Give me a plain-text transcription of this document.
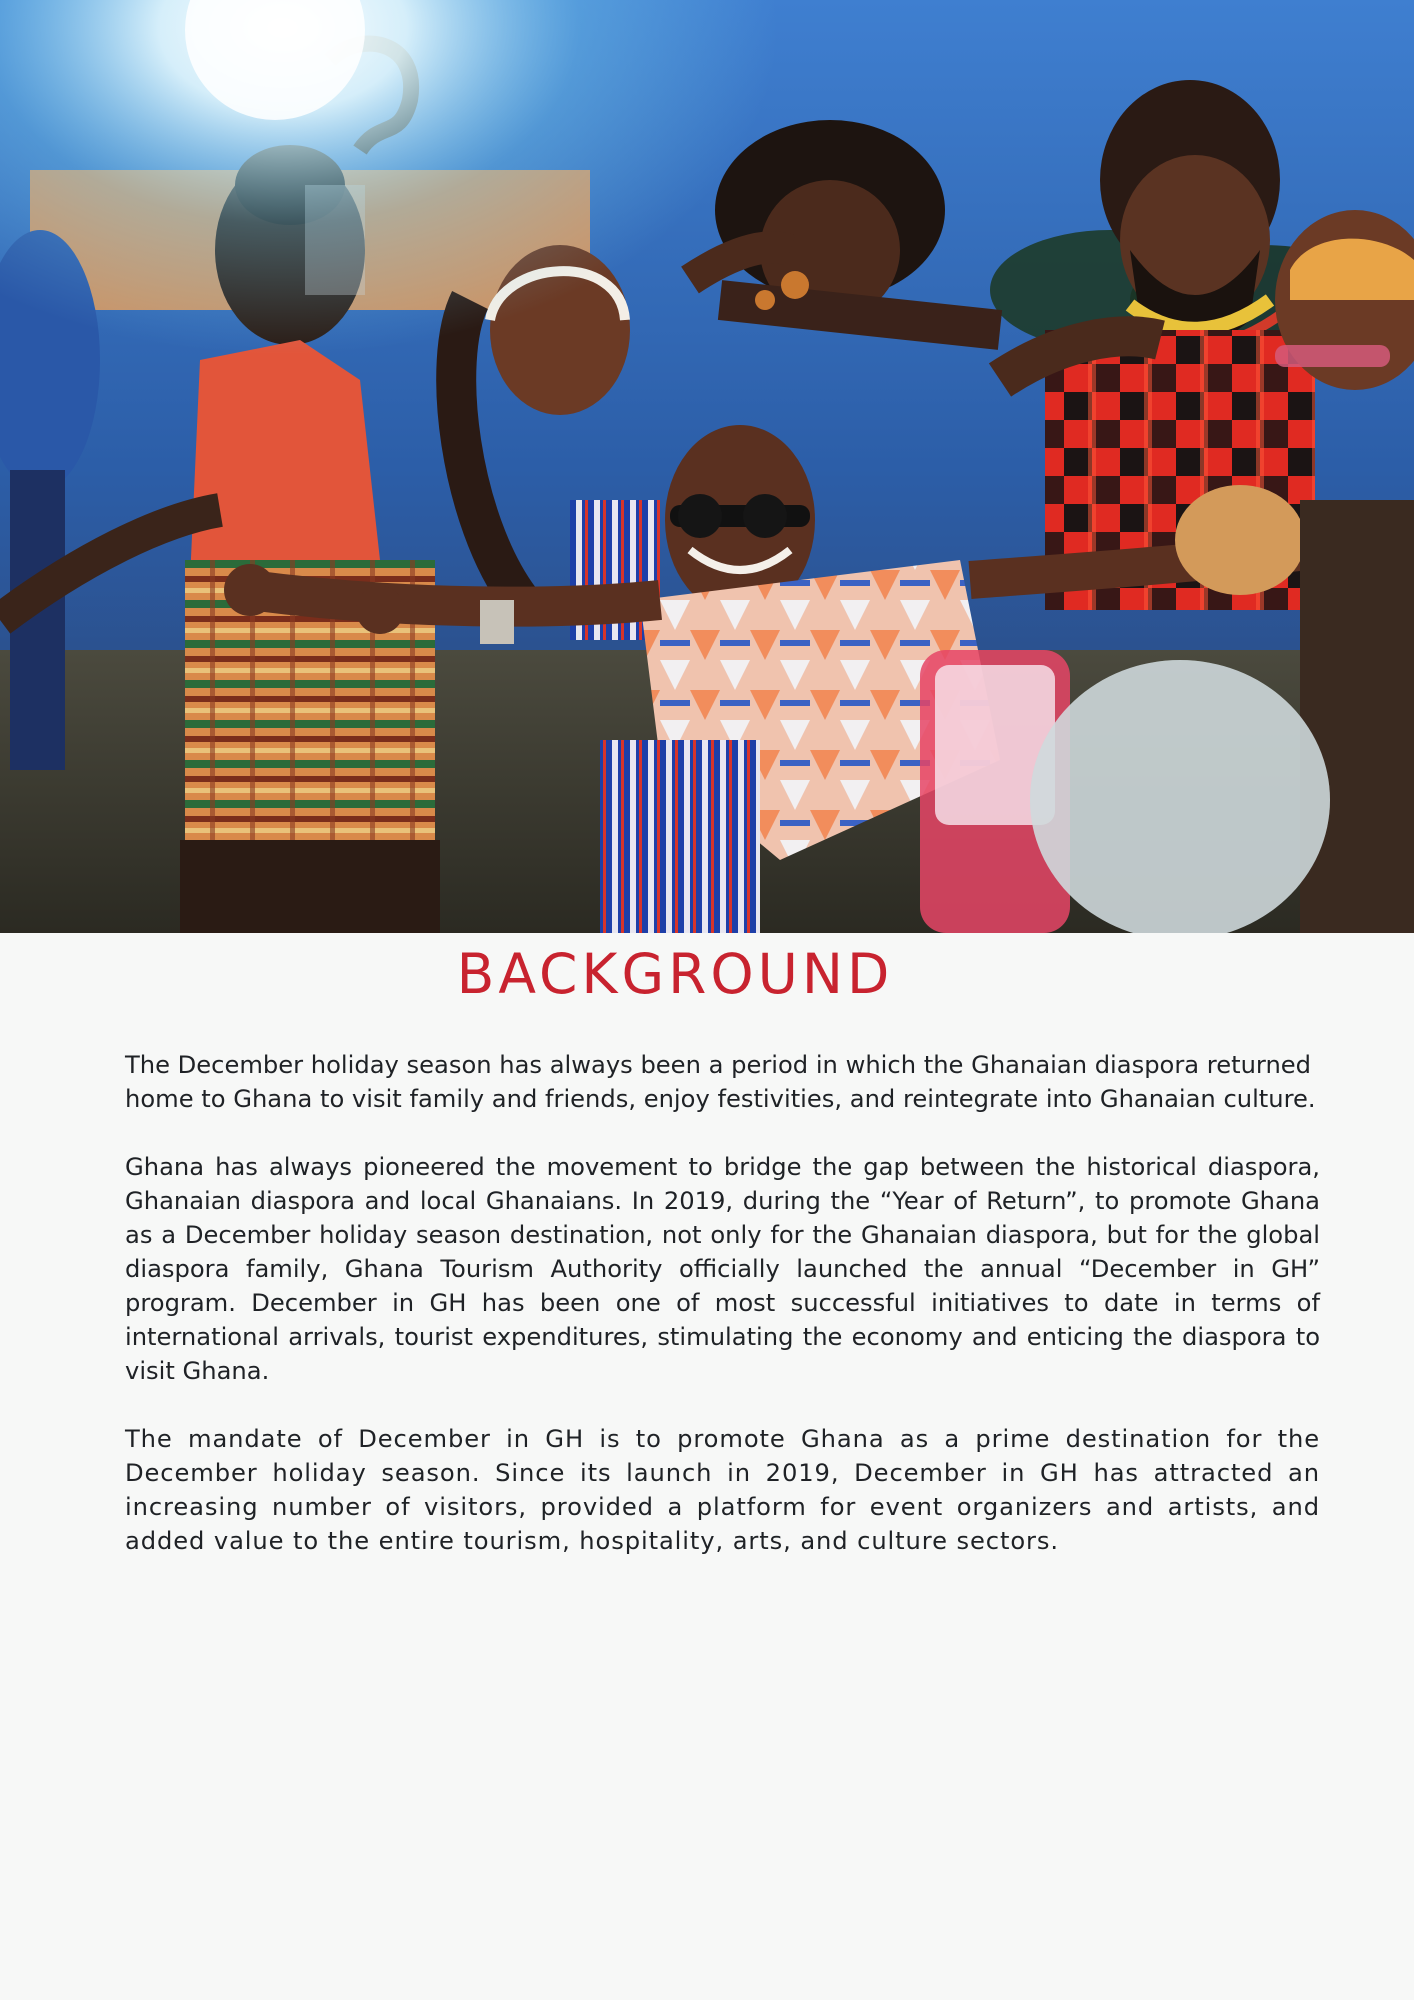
BACKGROUND

The December holiday season has always been a period in which the Ghanaian diaspora returned home to Ghana to visit family and friends, enjoy festivities, and reintegrate into Ghanaian culture.

Ghana has always pioneered the movement to bridge the gap between the historical diaspora, Ghanaian diaspora and local Ghanaians. In 2019, during the “Year of Return”, to promote Ghana as a December holiday season destination, not only for the Ghanaian diaspora, but for the global diaspora family, Ghana Tourism Authority officially launched the annual “December in GH” program. December in GH has been one of most successful initiatives to date in terms of international arrivals, tourist expenditures, stimulating the economy and enticing the diaspora to visit Ghana.

The mandate of December in GH is to promote Ghana as a prime destination for the December holiday season. Since its launch in 2019, December in GH has attracted an increasing number of visitors, provided a platform for event organizers and artists, and added value to the entire tourism, hospitality, arts, and culture sectors.
